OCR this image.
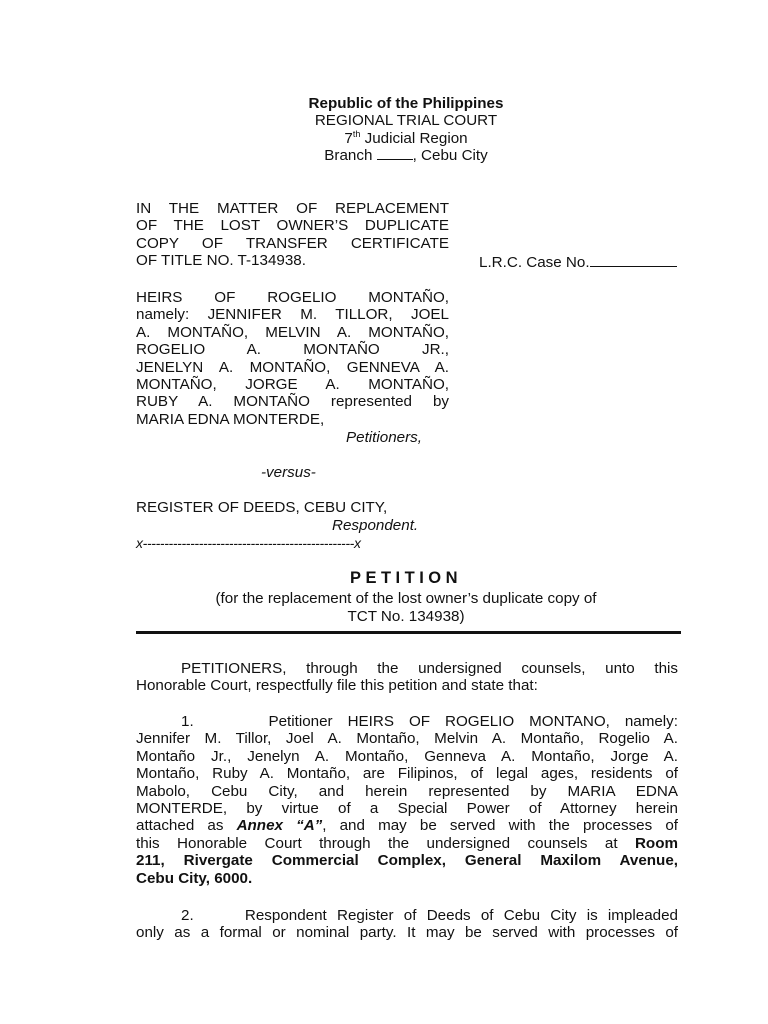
Republic of the Philippines
REGIONAL TRIAL COURT
7th Judicial Region
Branch , Cebu City
IN THE MATTER OF REPLACEMENT
OF THE LOST OWNER’S DUPLICATE
COPY OF TRANSFER CERTIFICATE
OF TITLE NO. T-134938.	L.R.C. Case No.
HEIRS OF ROGELIO MONTAÑO,
namely: JENNIFER M. TILLOR, JOEL
A. MONTAÑO, MELVIN A. MONTAÑO,
ROGELIO A. MONTAÑO JR.,
JENELYN A. MONTAÑO, GENNEVA A.
MONTAÑO, JORGE A. MONTAÑO,
RUBY A. MONTAÑO represented by
MARIA EDNA MONTERDE,
Petitioners,
-versus-
REGISTER OF DEEDS, CEBU CITY,
Respondent.
x-------------------------------------------------x
PETITION
(for the replacement of the lost owner’s duplicate copy of
TCT No. 134938)
PETITIONERS, through the undersigned counsels, unto this
Honorable Court, respectfully file this petition and state that:
1.     Petitioner HEIRS OF ROGELIO MONTANO, namely:
Jennifer M. Tillor, Joel A. Montaño, Melvin A. Montaño, Rogelio A.
Montaño Jr., Jenelyn A. Montaño, Genneva A. Montaño, Jorge A.
Montaño, Ruby A. Montaño, are Filipinos, of legal ages, residents of
Mabolo, Cebu City, and herein represented by MARIA EDNA
MONTERDE, by virtue of a Special Power of Attorney herein
attached as Annex “A”, and may be served with the processes of
this Honorable Court through the undersigned counsels at Room
211, Rivergate Commercial Complex, General Maxilom Avenue,
Cebu City, 6000.
2.     Respondent Register of Deeds of Cebu City is impleaded
only as a formal or nominal party. It may be served with processes of
